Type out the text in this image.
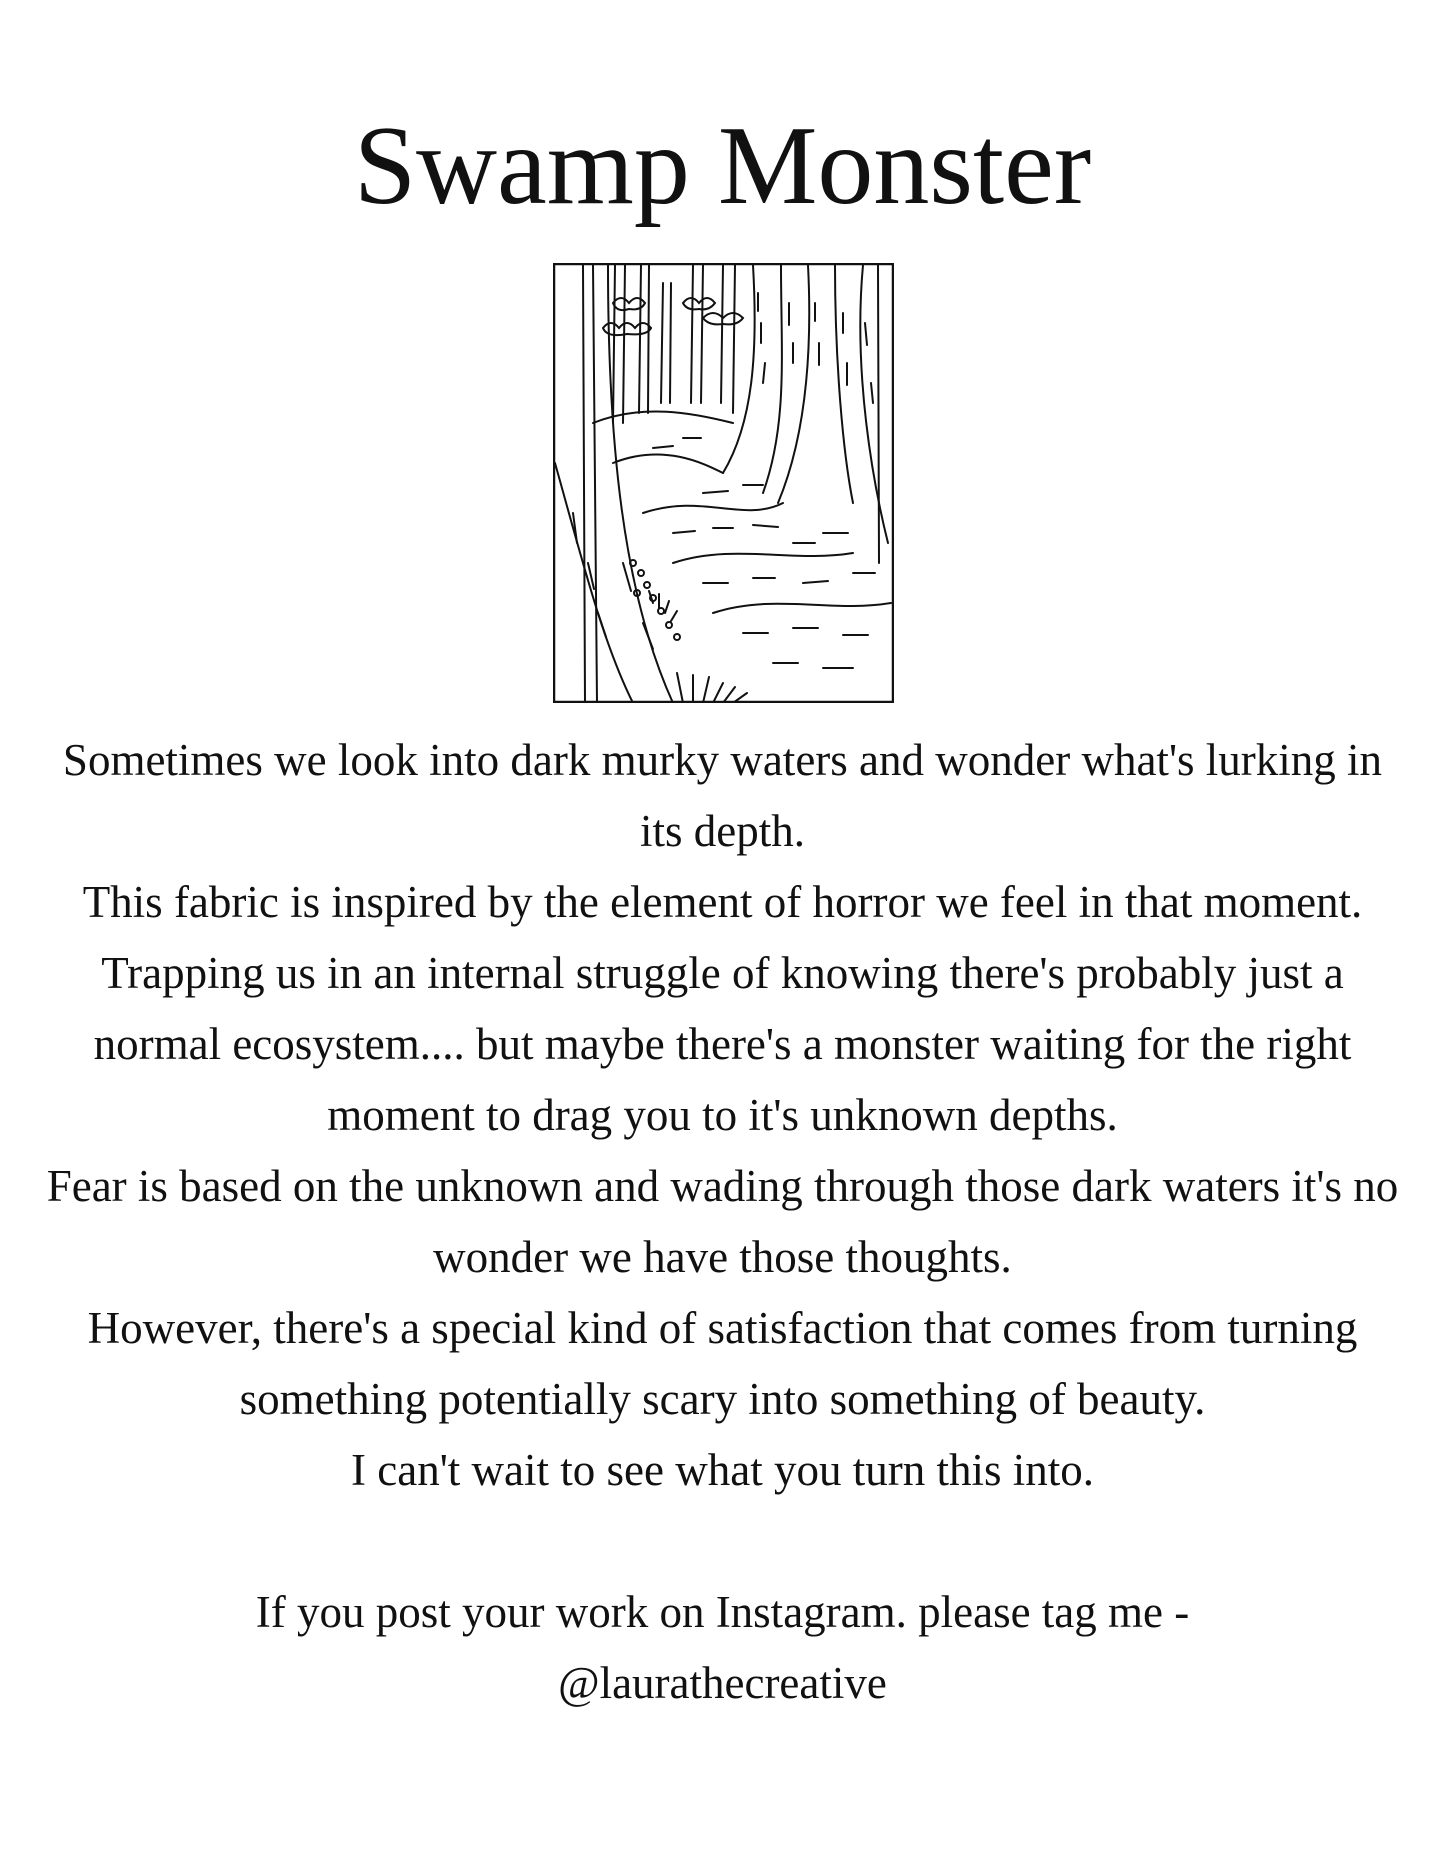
Swamp Monster

Sometimes we look into dark murky waters and wonder what's lurking in its depth.

This fabric is inspired by the element of horror we feel in that moment.

Trapping us in an internal struggle of knowing there's probably just a normal ecosystem.... but maybe there's a monster waiting for the right moment to drag you to it's unknown depths.

Fear is based on the unknown and wading through those dark waters it's no wonder we have those thoughts.

However, there's a special kind of satisfaction that comes from turning something potentially scary into something of beauty.

I can't wait to see what you turn this into.

If you post your work on Instagram. please tag me -

@laurathecreative
